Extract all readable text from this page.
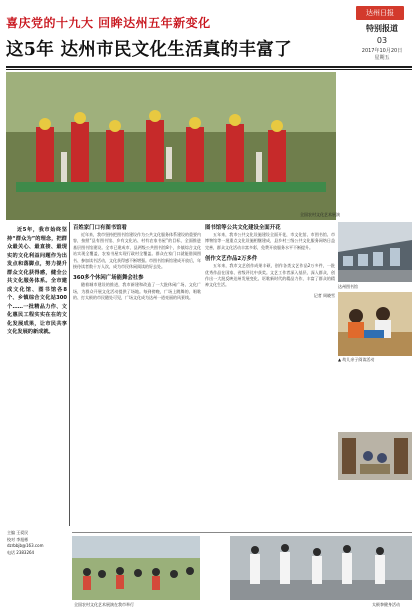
喜庆党的十九大 回眸达州五年新变化
达州日报
特别报道
03
2017年10月20日
星期五
这5年 达州市民文化生活真的丰富了
全国农村文化艺术展演
达州图书馆
▲ 幼儿亲子阅读活动
近5年，我市始终坚持“群众为”的理念，把群众最关心、最直接、最现实的文化利益问题作为出发点和落脚点，努力提升群众文化获得感，健全公共文化服务体系。全市建成文化馆、图书馆各8个、乡镇综合文化站300个……一批精品力作、文化惠民工程实实在在的文化发展成果，让市民共享文化发展的新成就。
百姓家门口有图书馆看

近年来，我市坚持把图书馆建设作为公共文化服务体系建设的重要内容，按照“县有图书馆、乡有文化站、村有农家书屋”的目标，全面推进基层图书馆建设。全市已建成市、县两级公共图书馆8个，乡镇综合文化站实现全覆盖，农家书屋实现行政村全覆盖。群众在家门口就能借阅图书、参加读书活动，文化获得感不断增强。市图书馆新馆建成开放后，年接待读者数十万人次，成为市民休闲阅读的好去处。

360多个休闲广场能舞会社参

随着城市建设的推进，我市新建和改造了一大批休闲广场、文化广场，为群众开展文化活动提供了场地。每到傍晚，广场上跳舞的、唱歌的、打太极的市民随处可见，广场文化成为达州一道亮丽的风景线。

图书馆等公共文化建设全面开花

五年来，我市公共文化设施建设全面开花，市文化馆、市图书馆、市博物馆等一批重点文化设施相继建成，县乡村三级公共文化服务网络日益完善，群众文化活动丰富多彩，免费开放服务水平不断提升。

创作文艺作品2万多件

五年来，我市文艺创作成果丰硕，创作各类文艺作品2万多件，一批优秀作品在国家、省级评比中获奖。文艺工作者深入基层、深入群众，创作出一大批反映达州发展变化、讴歌新时代的精品力作，丰富了群众的精神文化生活。

记者 周晓雪
主编 王爱民
校对 李旭彬
dzrbbjb@163.com
电话 2383264
全国农村文化艺术展演在我市举行	太极拳健身活动
